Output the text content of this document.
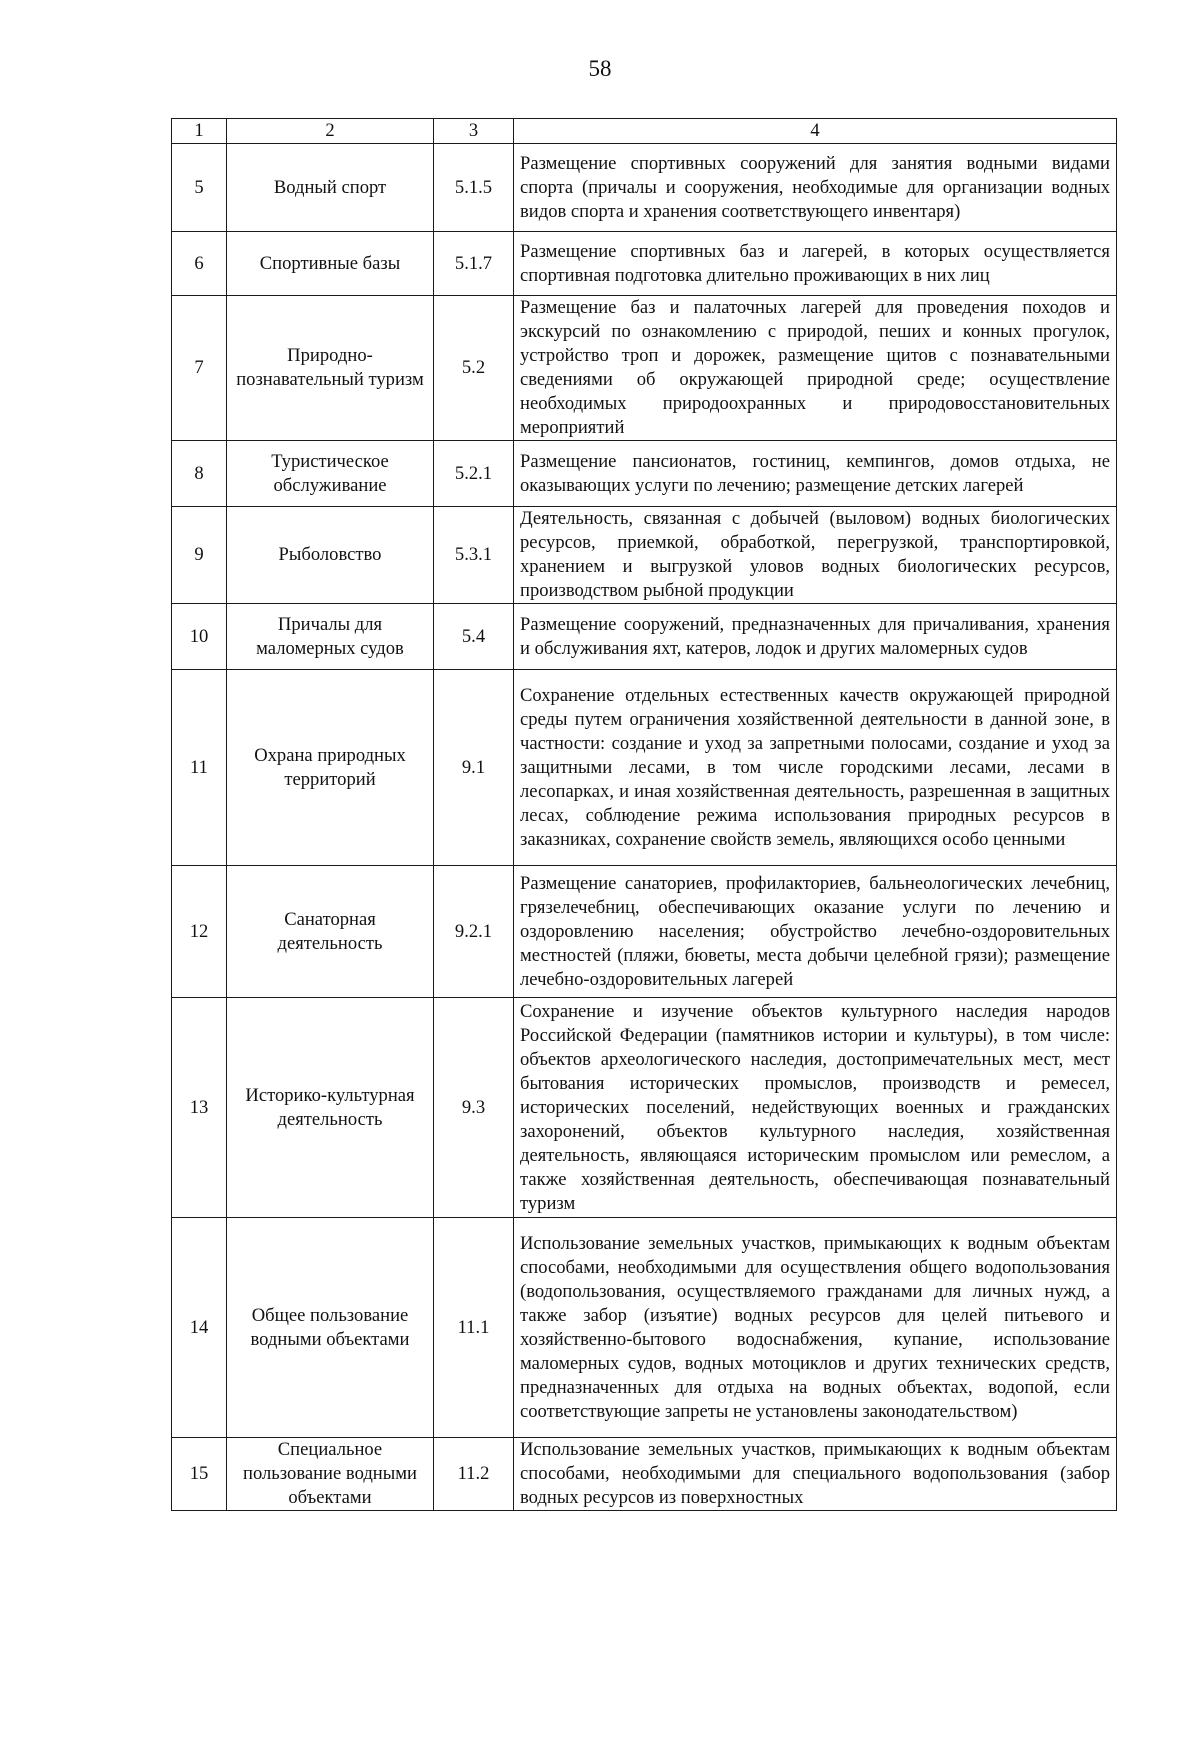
58
1	2	3	4
5	Водный спорт	5.1.5	Размещение спортивных сооружений для занятия водными видами спорта (причалы и сооружения, необходимые для организации водных видов спорта и хранения соответствующего инвентаря)
6	Спортивные базы	5.1.7	Размещение спортивных баз и лагерей, в которых осуществляется спортивная подготовка длительно проживающих в них лиц
7	Природно-познавательный туризм	5.2	Размещение баз и палаточных лагерей для проведения походов и экскурсий по ознакомлению с природой, пеших и конных прогулок, устройство троп и дорожек, размещение щитов с познавательными сведениями об окружающей природной среде; осуществление необходимых природоохранных и природовосстановительных мероприятий
8	Туристическое обслуживание	5.2.1	Размещение пансионатов, гостиниц, кемпингов, домов отдыха, не оказывающих услуги по лечению; размещение детских лагерей
9	Рыболовство	5.3.1	Деятельность, связанная с добычей (выловом) водных биологических ресурсов, приемкой, обработкой, перегрузкой, транспортировкой, хранением и выгрузкой уловов водных биологических ресурсов, производством рыбной продукции
10	Причалы для маломерных судов	5.4	Размещение сооружений, предназначенных для причаливания, хранения и обслуживания яхт, катеров, лодок и других маломерных судов
11	Охрана природных территорий	9.1	Сохранение отдельных естественных качеств окружающей природной среды путем ограничения хозяйственной деятельности в данной зоне, в частности: создание и уход за запретными полосами, создание и уход за защитными лесами, в том числе городскими лесами, лесами в лесопарках, и иная хозяйственная деятельность, разрешенная в защитных лесах, соблюдение режима использования природных ресурсов в заказниках, сохранение свойств земель, являющихся особо ценными
12	Санаторная деятельность	9.2.1	Размещение санаториев, профилакториев, бальнеологических лечебниц, грязелечебниц, обеспечивающих оказание услуги по лечению и оздоровлению населения; обустройство лечебно-оздоровительных местностей (пляжи, бюветы, места добычи целебной грязи); размещение лечебно-оздоровительных лагерей
13	Историко-культурная деятельность	9.3	Сохранение и изучение объектов культурного наследия народов Российской Федерации (памятников истории и культуры), в том числе: объектов археологического наследия, достопримечательных мест, мест бытования исторических промыслов, производств и ремесел, исторических поселений, недействующих военных и гражданских захоронений, объектов культурного наследия, хозяйственная деятельность, являющаяся историческим промыслом или ремеслом, а также хозяйственная деятельность, обеспечивающая познавательный туризм
14	Общее пользование водными объектами	11.1	Использование земельных участков, примыкающих к водным объектам способами, необходимыми для осуществления общего водопользования (водопользования, осуществляемого гражданами для личных нужд, а также забор (изъятие) водных ресурсов для целей питьевого и хозяйственно-бытового водоснабжения, купание, использование маломерных судов, водных мотоциклов и других технических средств, предназначенных для отдыха на водных объектах, водопой, если соответствующие запреты не установлены законодательством)
15	Специальное пользование водными объектами	11.2	Использование земельных участков, примыкающих к водным объектам способами, необходимыми для специального водопользования (забор водных ресурсов из поверхностных
